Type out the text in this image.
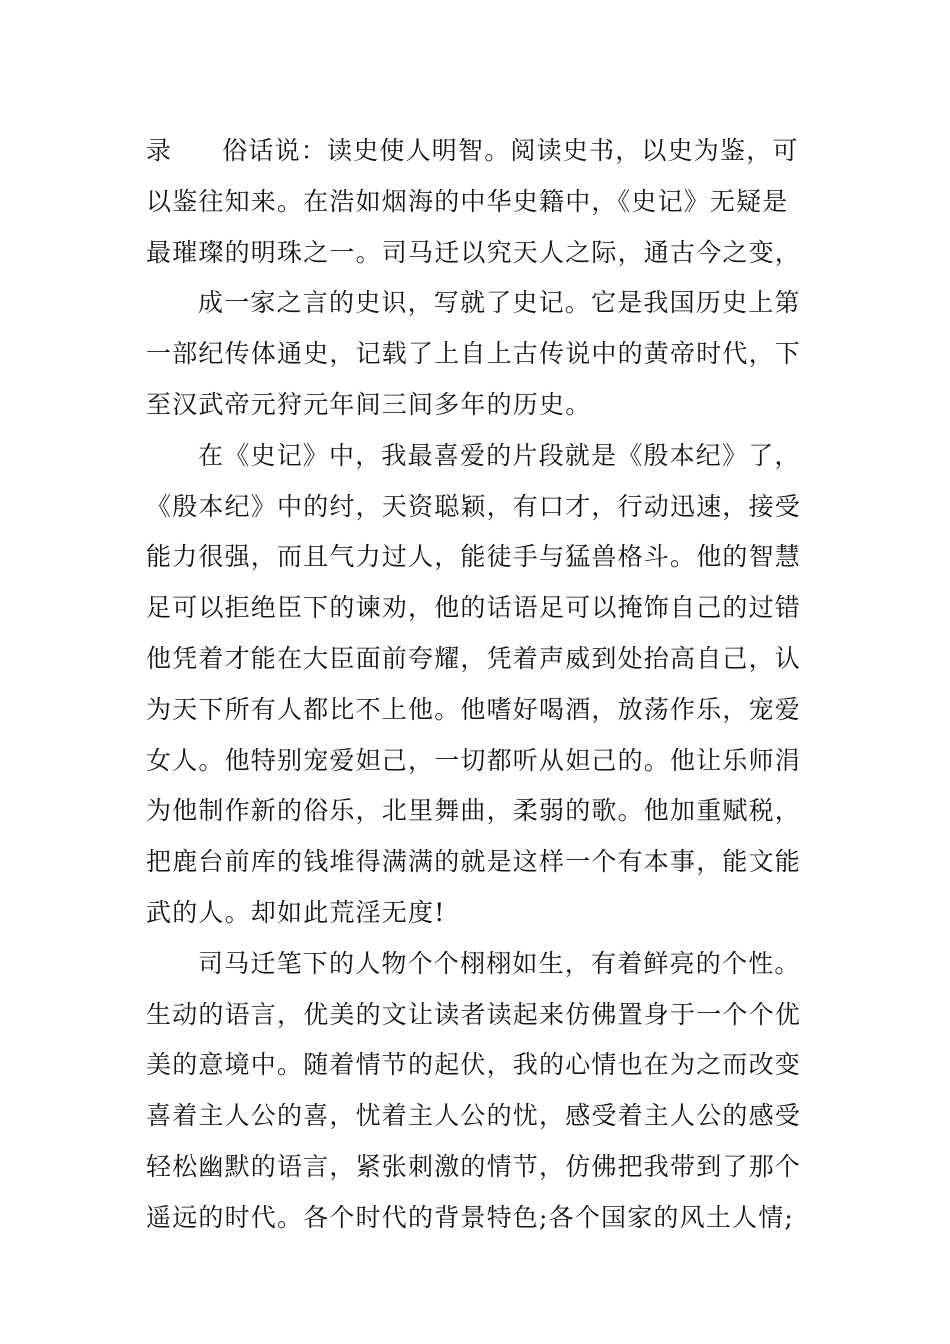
录 俗话说：读史使人明智。阅读史书，以史为鉴，可
以鉴往知来。在浩如烟海的中华史籍中，《史记》无疑是
最璀璨的明珠之一。司马迁以究天人之际，通古今之变，
成一家之言的史识，写就了史记。它是我国历史上第
一部纪传体通史，记载了上自上古传说中的黄帝时代，下
至汉武帝元狩元年间三间多年的历史。
在《史记》中，我最喜爱的片段就是《殷本纪》了，
《殷本纪》中的纣，天资聪颖，有口才，行动迅速，接受
能力很强，而且气力过人，能徒手与猛兽格斗。他的智慧
足可以拒绝臣下的谏劝，他的话语足可以掩饰自己的过错
他凭着才能在大臣面前夸耀，凭着声威到处抬高自己，认
为天下所有人都比不上他。他嗜好喝酒，放荡作乐，宠爱
女人。他特别宠爱妲己，一切都听从妲己的。他让乐师涓
为他制作新的俗乐，北里舞曲，柔弱的歌。他加重赋税，
把鹿台前库的钱堆得满满的就是这样一个有本事，能文能
武的人。却如此荒淫无度!
司马迁笔下的人物个个栩栩如生，有着鲜亮的个性。
生动的语言，优美的文让读者读起来仿佛置身于一个个优
美的意境中。随着情节的起伏，我的心情也在为之而改变
喜着主人公的喜，忧着主人公的忧，感受着主人公的感受
轻松幽默的语言，紧张刺激的情节，仿佛把我带到了那个
遥远的时代。各个时代的背景特色;各个国家的风土人情;
